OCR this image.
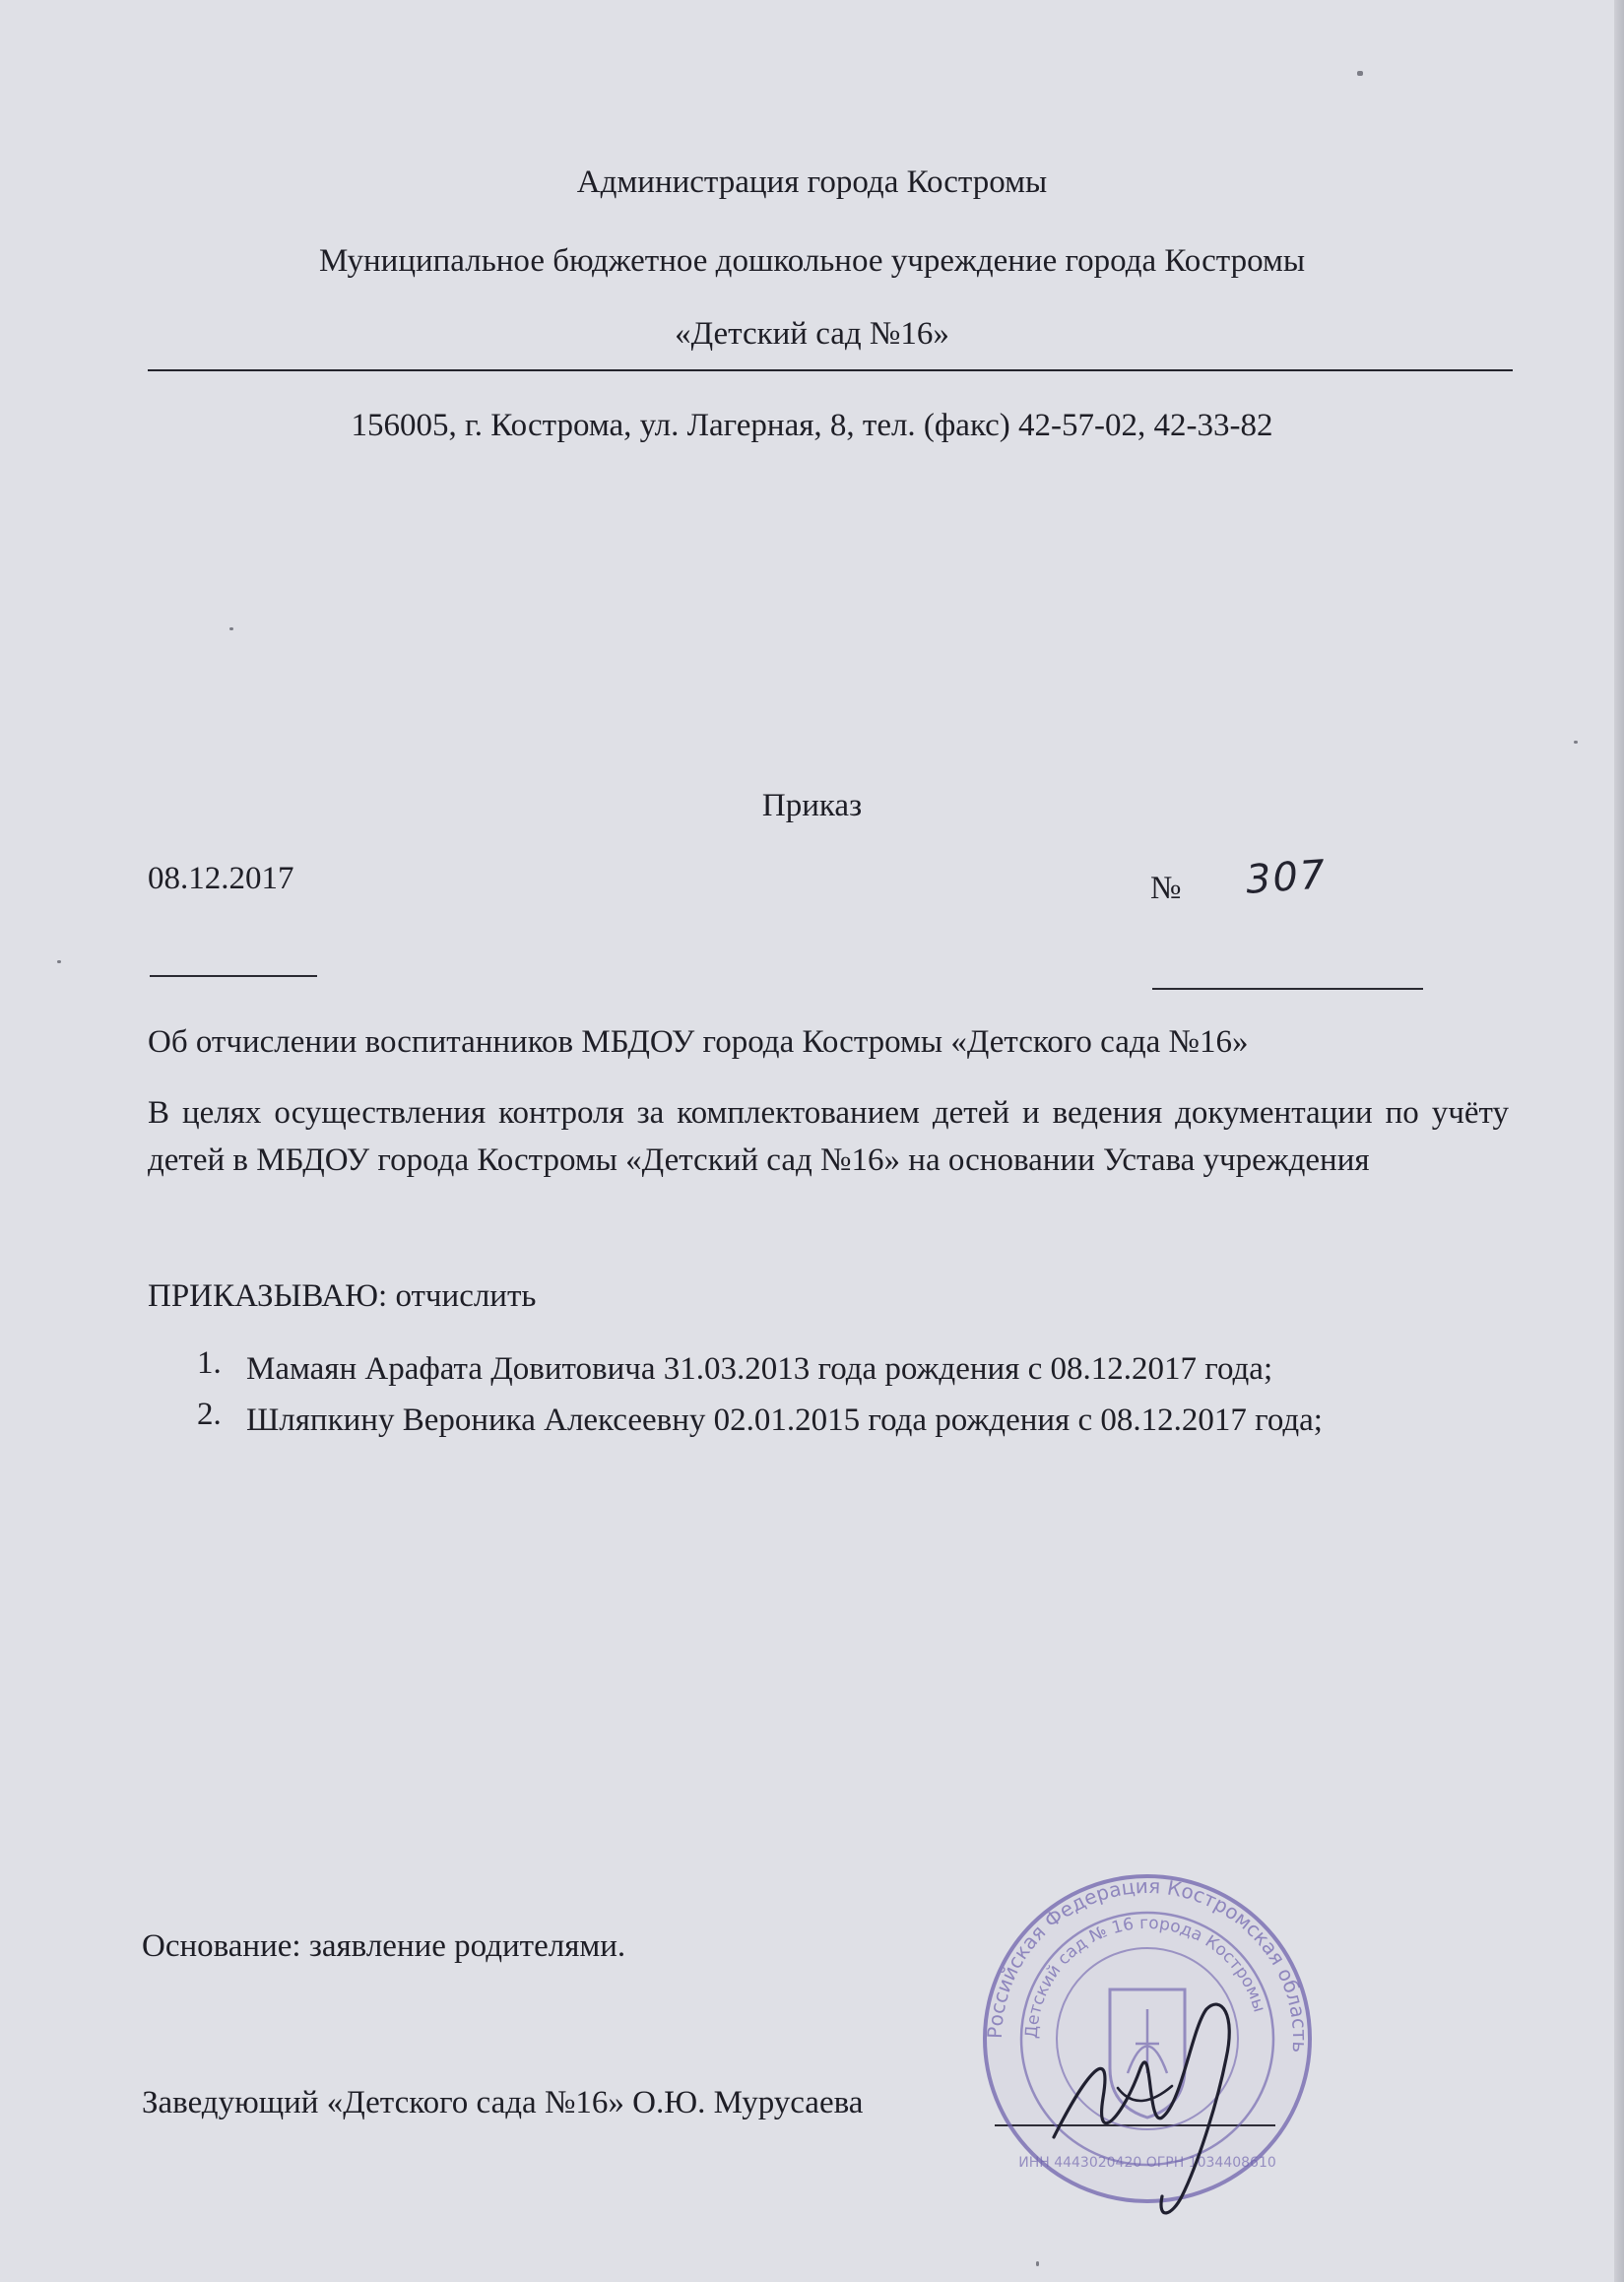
Администрация города Костромы
Муниципальное бюджетное дошкольное учреждение города Костромы
«Детский сад №16»
156005, г. Кострома, ул. Лагерная, 8, тел. (факс) 42-57-02, 42-33-82
Приказ
08.12.2017	№ 307
Об отчислении воспитанников МБДОУ города Костромы «Детского сада №16»
В целях осуществления контроля за комплектованием детей и ведения документации по учёту детей в МБДОУ города Костромы «Детский сад №16» на основании Устава учреждения
ПРИКАЗЫВАЮ: отчислить
1. Мамаян Арафата Довитовича 31.03.2013 года рождения с 08.12.2017 года;
2. Шляпкину Вероника Алексеевну 02.01.2015 года рождения с 08.12.2017 года;
Основание: заявление родителями.
Заведующий «Детского сада №16» О.Ю. Мурусаева
Российская Федерация Костромская область
Детский сад № 16 города Костромы
ИНН 4443020420 ОГРН 1034408610
